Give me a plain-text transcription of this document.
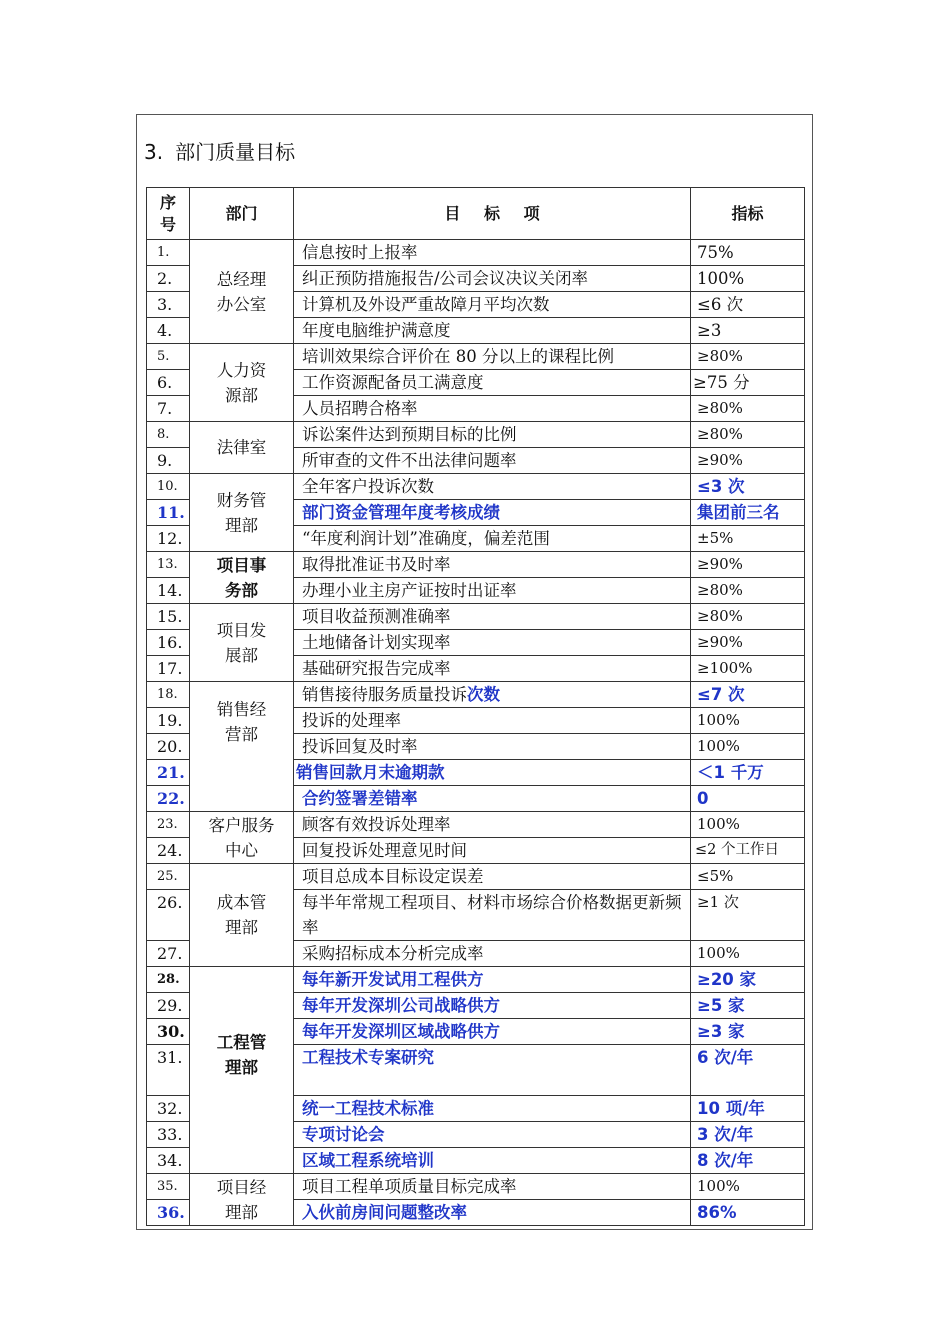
3. 部门质量目标
序号	部门	目 标 项	指标
1.	总经理办公室	信息按时上报率	75%
2.		纠正预防措施报告/公司会议决议关闭率	100%
3.		计算机及外设严重故障月平均次数	≤6 次
4.		年度电脑维护满意度	≥3
5.	人力资源部	培训效果综合评价在 80 分以上的课程比例	≥80%
6.		工作资源配备员工满意度	≥75 分
7.		人员招聘合格率	≥80%
8.	法律室	诉讼案件达到预期目标的比例	≥80%
9.		所审查的文件不出法律问题率	≥90%
10.	财务管理部	全年客户投诉次数	≤3 次
11.		部门资金管理年度考核成绩	集团前三名
12.		“年度利润计划”准确度，偏差范围	±5%
13.	项目事务部	取得批准证书及时率	≥90%
14.		办理小业主房产证按时出证率	≥80%
15.	项目发展部	项目收益预测准确率	≥80%
16.		土地储备计划实现率	≥90%
17.		基础研究报告完成率	≥100%
18.	销售经营部	销售接待服务质量投诉次数	≤7 次
19.		投诉的处理率	100%
20.		投诉回复及时率	100%
21.		销售回款月末逾期款	＜1 千万
22.		合约签署差错率	0
23.	客户服务中心	顾客有效投诉处理率	100%
24.		回复投诉处理意见时间	≤2 个工作日
25.	成本管理部	项目总成本目标设定误差	≤5%
26.		每半年常规工程项目、材料市场综合价格数据更新频率	≥1 次
27.		采购招标成本分析完成率	100%
28.	工程管理部	每年新开发试用工程供方	≥20 家
29.		每年开发深圳公司战略供方	≥5 家
30.		每年开发深圳区域战略供方	≥3 家
31.		工程技术专案研究	6 次/年
32.		统一工程技术标准	10 项/年
33.		专项讨论会	3 次/年
34.		区域工程系统培训	8 次/年
35.	项目经理部	项目工程单项质量目标完成率	100%
36.		入伙前房间问题整改率	86%
